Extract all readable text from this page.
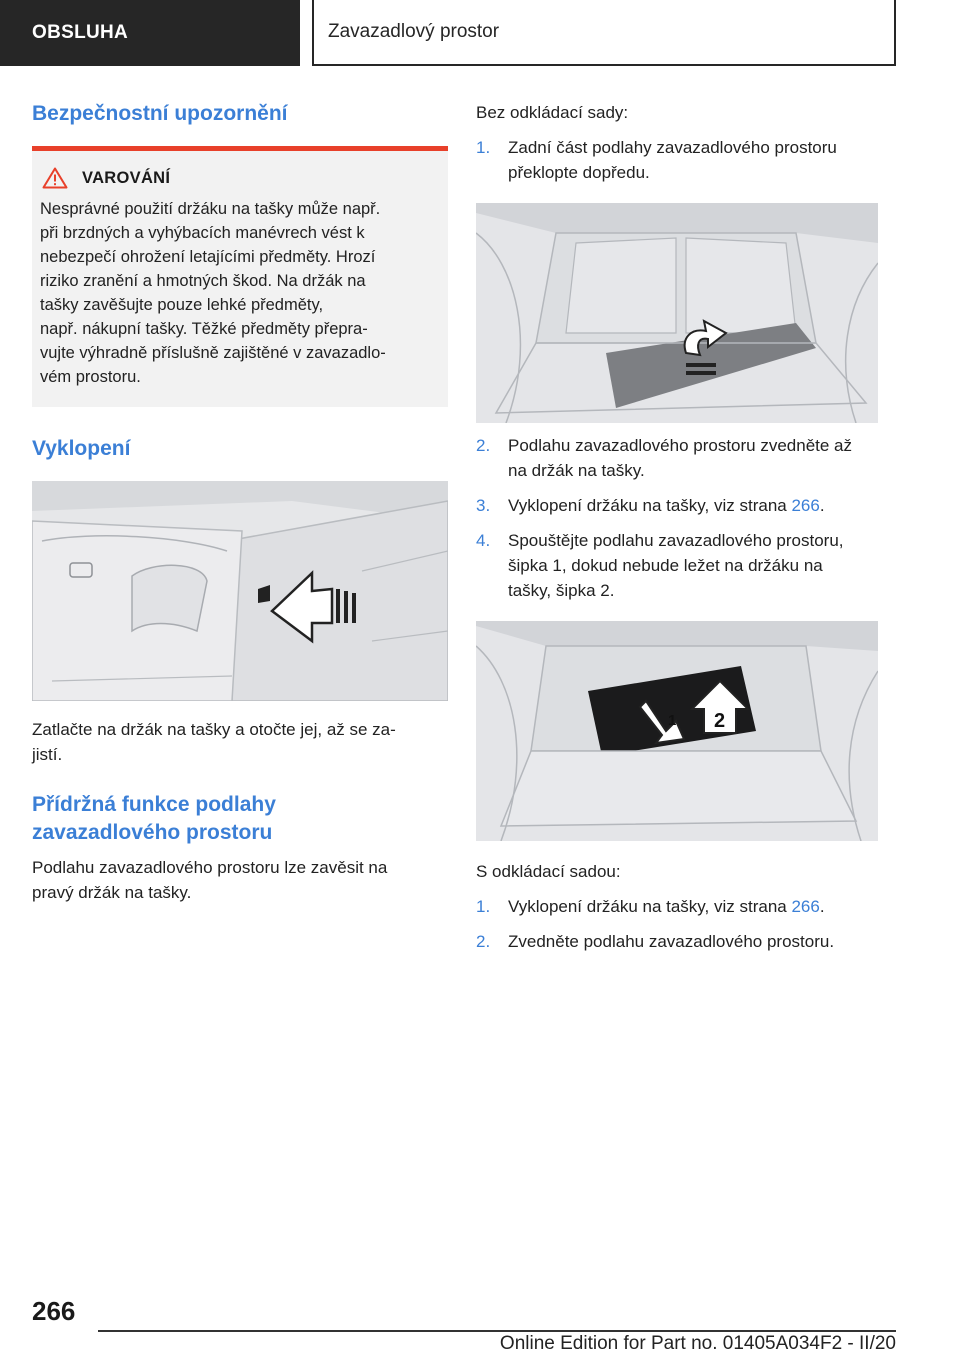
OBSLUHA	Zavazadlový prostor
Bezpečnostní upozornění
VAROVÁNÍ
Nesprávné použití držáku na tašky může např.
při brzdných a vyhýbacích manévrech vést k
nebezpečí ohrožení letajícími předměty. Hrozí
riziko zranění a hmotných škod. Na držák na
tašky zavěšujte pouze lehké předměty,
např. nákupní tašky. Těžké předměty přepra-
vujte výhradně příslušně zajištěné v zavazadlo-
vém prostoru.
Vyklopení
Zatlačte na držák na tašky a otočte jej, až se za-
jistí.
Přídržná funkce podlahy
zavazadlového prostoru
Podlahu zavazadlového prostoru lze zavěsit na
pravý držák na tašky.
Bez odkládací sady:
1.	Zadní část podlahy zavazadlového prostoru
překlopte dopředu.
2.	Podlahu zavazadlového prostoru zvedněte až
na držák na tašky.
3.	Vyklopení držáku na tašky, viz strana 266.
4.	Spouštějte podlahu zavazadlového prostoru,
šipka 1, dokud nebude ležet na držáku na
tašky, šipka 2.
1 2
S odkládací sadou:
1.	Vyklopení držáku na tašky, viz strana 266.
2.	Zvedněte podlahu zavazadlového prostoru.
266
Online Edition for Part no. 01405A034F2 - II/20
